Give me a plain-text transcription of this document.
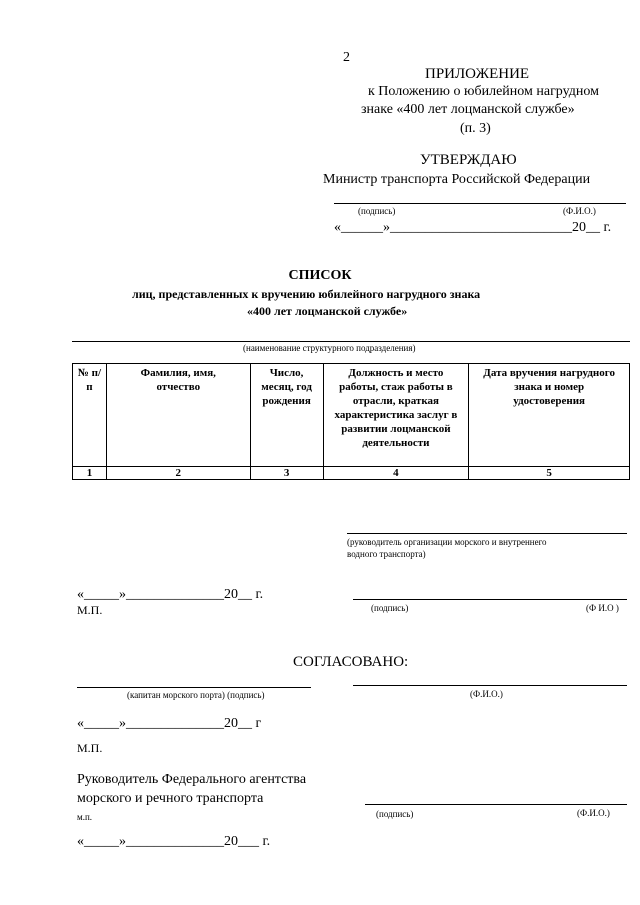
2
ПРИЛОЖЕНИЕ
к Положению о юбилейном нагрудном
знаке «400 лет лоцманской службе»
(п. 3)
УТВЕРЖДАЮ
Министр транспорта Российской Федерации
(подпись)	(Ф.И.О.)
«______»__________________________20__ г.
СПИСОК
лиц, представленных к вручению юбилейного нагрудного знака
«400 лет лоцманской службе»
(наименование структурного подразделения)
№ п/п	Фамилия, имя, отчество	Число, месяц, год рождения	Должность и место работы, стаж работы в отрасли, краткая характеристика заслуг в развитии лоцманской деятельности	Дата вручения нагрудного знака и номер удостоверения
1	2	3	4	5
(руководитель организации морского и внутреннего
водного транспорта)
«_____»______________20__ г.
М.П.	(подпись)	(Ф И.О )
СОГЛАСОВАНО:
(капитан морского порта) (подпись)	(Ф.И.О.)
«_____»______________20__ г
М.П.
Руководитель Федерального агентства
морского и речного транспорта
м.п.	(подпись)	(Ф.И.О.)
«_____»______________20___ г.
